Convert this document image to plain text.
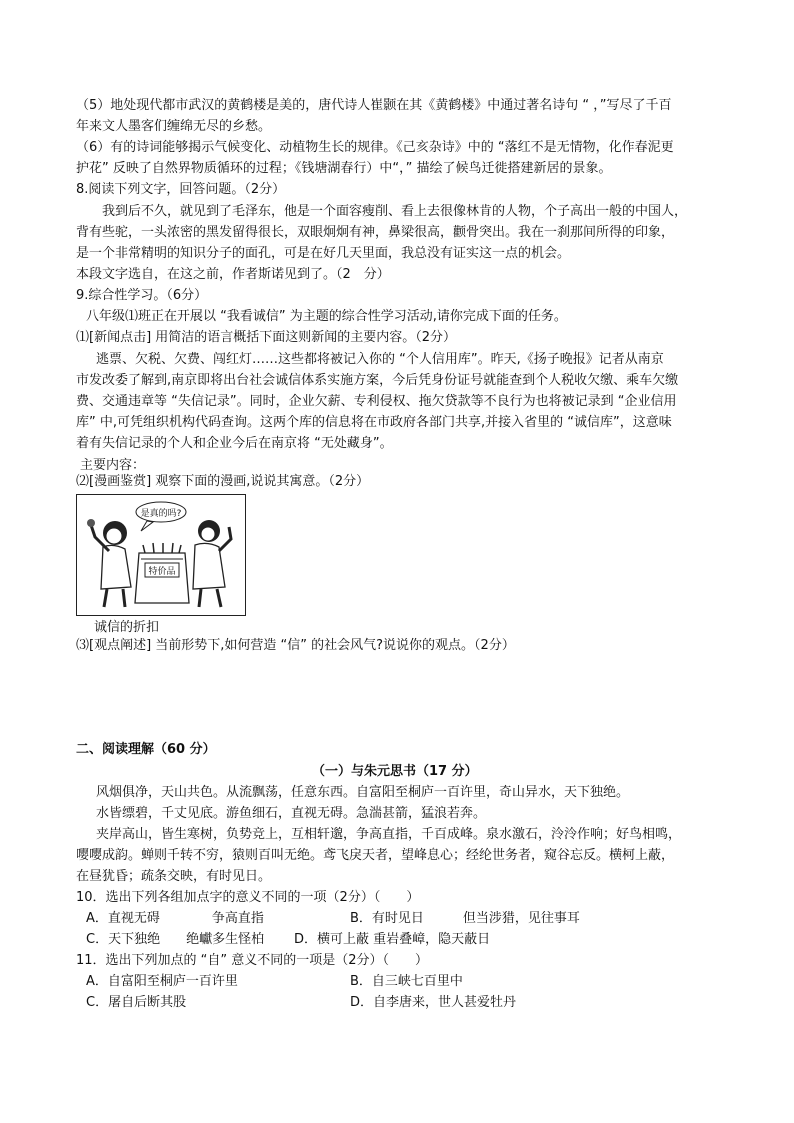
（5）地处现代都市武汉的黄鹤楼是美的，唐代诗人崔颢在其《黄鹤楼》中通过著名诗句 “ ，”写尽了千百
年来文人墨客们缠绵无尽的乡愁。
（6）有的诗词能够揭示气候变化、动植物生长的规律。《己亥杂诗》中的 “落红不是无情物，化作春泥更
护花” 反映了自然界物质循环的过程；《钱塘湖春行）中“，” 描绘了候鸟迁徙搭建新居的景象。
8.阅读下列文字，回答问题。（2分）
我到后不久，就见到了毛泽东，他是一个面容瘦削、看上去很像林肯的人物，个子高出一般的中国人，
背有些驼，一头浓密的黑发留得很长，双眼炯炯有神，鼻梁很高，颧骨突出。我在一刹那间所得的印象，
是一个非常精明的知识分子的面孔，可是在好几天里面，我总没有证实这一点的机会。
本段文字选自，在这之前，作者斯诺见到了。（2　分）
9.综合性学习。（6分）
八年级⑴班正在开展以 “我看诚信” 为主题的综合性学习活动,请你完成下面的任务。
⑴[新闻点击] 用简洁的语言概括下面这则新闻的主要内容。（2分）
逃票、欠税、欠费、闯红灯……这些都将被记入你的 “个人信用库”。昨天,《扬子晚报》记者从南京
市发改委了解到,南京即将出台社会诚信体系实施方案，今后凭身份证号就能查到个人税收欠缴、乘车欠缴
费、交通违章等 “失信记录”。同时，企业欠薪、专利侵权、拖欠贷款等不良行为也将被记录到 “企业信用
库” 中,可凭组织机构代码查询。这两个库的信息将在市政府各部门共享,并接入省里的 “诚信库”，这意味
着有失信记录的个人和企业今后在南京将 “无处藏身”。
主要内容：
⑵[漫画鉴赏] 观察下面的漫画,说说其寓意。（2分）
是真的吗?
特价品
诚信的折扣
⑶[观点阐述] 当前形势下,如何营造 “信” 的社会风气?说说你的观点。（2分）
二、阅读理解（60 分）
（一）与朱元思书（17 分）
风烟俱净，天山共色。从流飘荡，任意东西。自富阳至桐庐一百许里，奇山异水，天下独绝。
水皆缥碧，千丈见底。游鱼细石，直视无碍。急湍甚箭，猛浪若奔。
夹岸高山，皆生寒树，负势竞上，互相轩邈，争高直指，千百成峰。泉水激石，泠泠作响；好鸟相鸣，
嘤嘤成韵。蝉则千转不穷，猿则百叫无绝。鸢飞戾天者，望峰息心；经纶世务者，窥谷忘反。横柯上蔽，
在昼犹昏；疏条交映，有时见日。
10．选出下列各组加点字的意义不同的一项（2分）（　　）
A．直视无碍　　　　争高直指	B．有时见日　　　但当涉猎，见往事耳
C．天下独绝　　绝巘多生怪柏 D．横可上蔽 重岩叠嶂，隐天蔽日
11．选出下列加点的 “自” 意义不同的一项是（2分）（　　）
A．自富阳至桐庐一百许里	B．自三峡七百里中
C．屠自后断其股	D．自李唐来，世人甚爱牡丹
